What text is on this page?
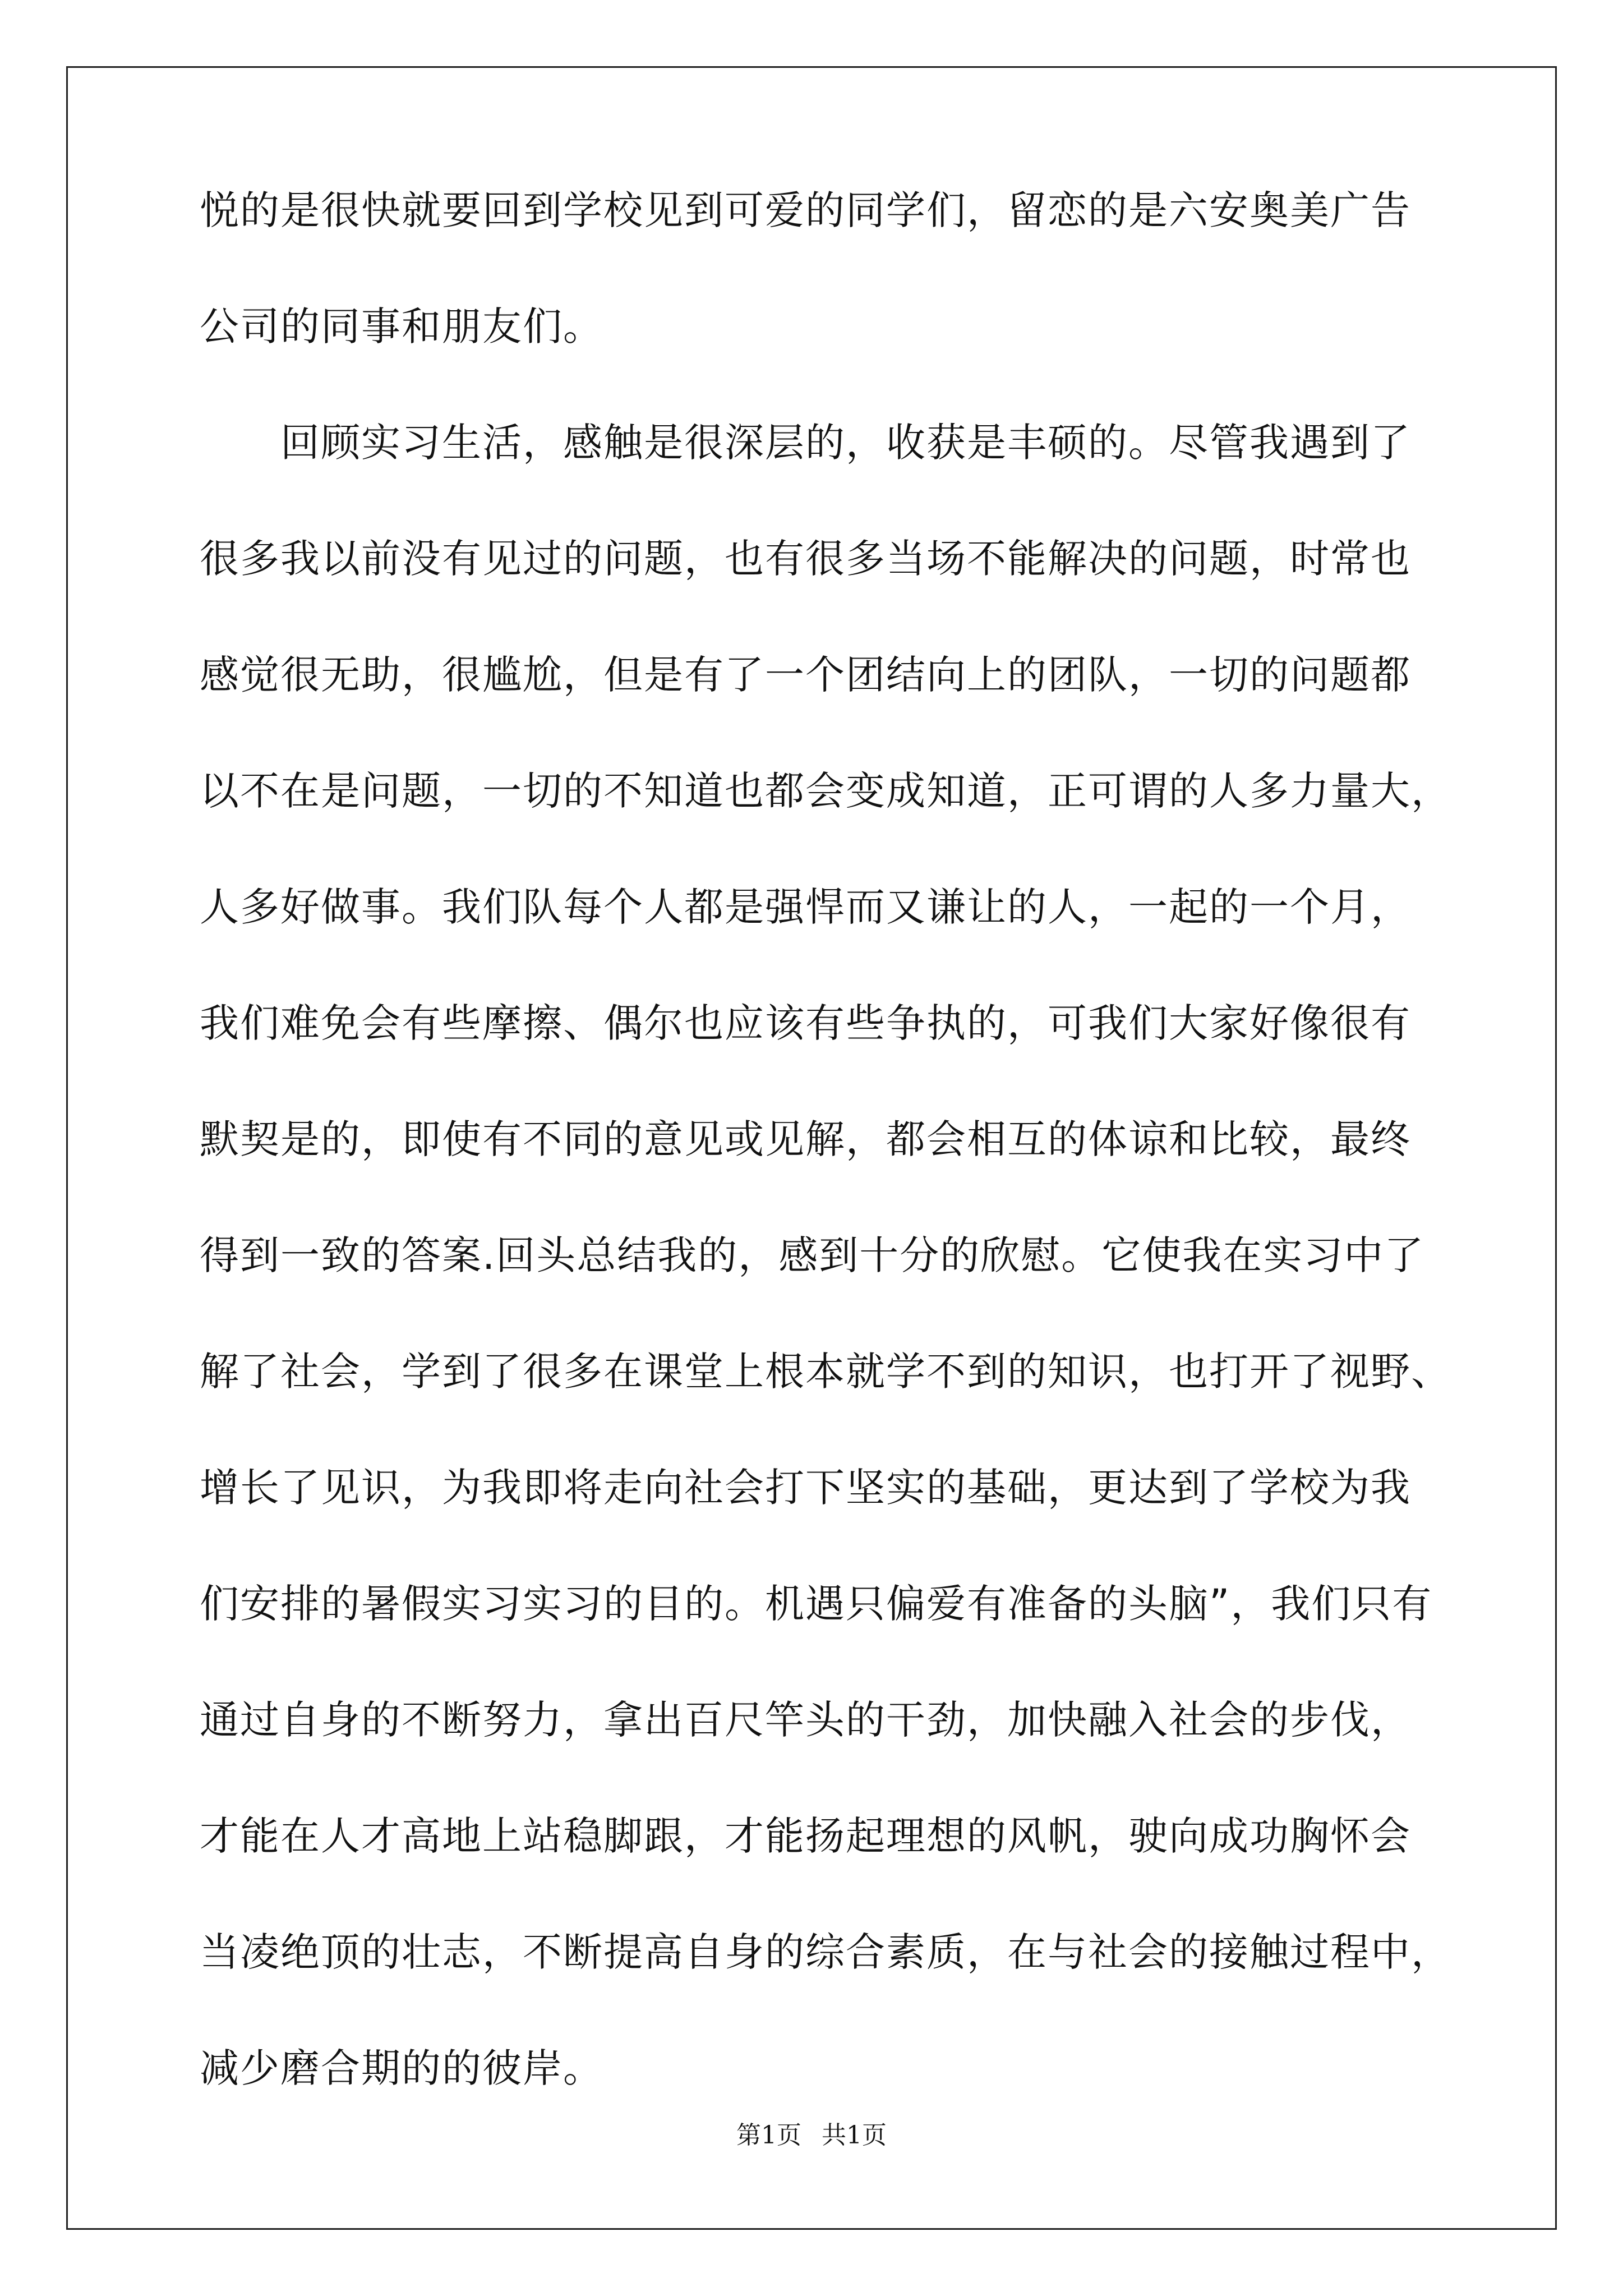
悦的是很快就要回到学校见到可爱的同学们，留恋的是六安奥美广告
公司的同事和朋友们。
　　回顾实习生活，感触是很深层的，收获是丰硕的。尽管我遇到了
很多我以前没有见过的问题，也有很多当场不能解决的问题，时常也
感觉很无助，很尴尬，但是有了一个团结向上的团队，一切的问题都
以不在是问题，一切的不知道也都会变成知道，正可谓的人多力量大，
人多好做事。我们队每个人都是强悍而又谦让的人，一起的一个月，
我们难免会有些摩擦、偶尔也应该有些争执的，可我们大家好像很有
默契是的，即使有不同的意见或见解，都会相互的体谅和比较，最终
得到一致的答案.回头总结我的，感到十分的欣慰。它使我在实习中了
解了社会，学到了很多在课堂上根本就学不到的知识，也打开了视野、
增长了见识，为我即将走向社会打下坚实的基础，更达到了学校为我
们安排的暑假实习实习的目的。机遇只偏爱有准备的头脑”，我们只有
通过自身的不断努力，拿出百尺竿头的干劲，加快融入社会的步伐，
才能在人才高地上站稳脚跟，才能扬起理想的风帆，驶向成功胸怀会
当凌绝顶的壮志，不断提高自身的综合素质，在与社会的接触过程中，
减少磨合期的的彼岸。

第1页 共1页
